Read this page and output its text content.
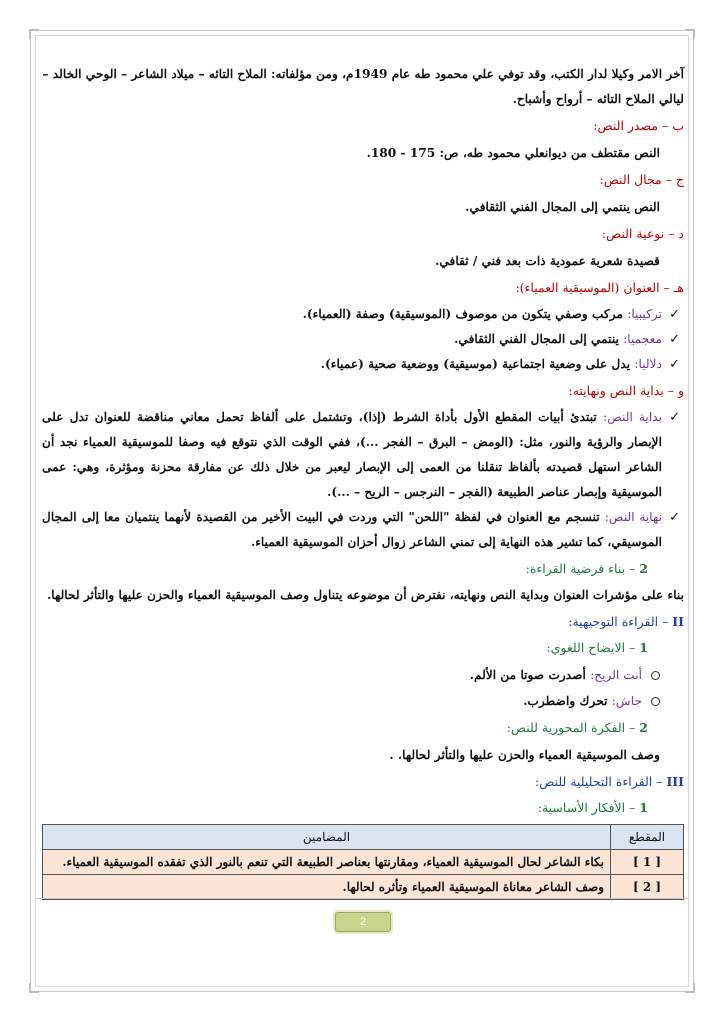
آخر الامر وكيلا لدار الكتب، وقد توفي علي محمود طه عام 1949م، ومن مؤلفاته: الملاح التائه – ميلاد الشاعر – الوحي الخالد –

ليالي الملاح التائه – أرواح وأشباح.

ب – مصدر النص:
النص مقتطف من ديوانعلي محمود طه، ص: 175 - 180.
ج – مجال النص:
النص ينتمي إلى المجال الفني الثقافي.
د – نوعية النص:
قصيدة شعرية عمودية ذات بعد فني / ثقافي.
هـ – العنوان (الموسيقية العمياء):
✓
تركيبيا: مركب وصفي يتكون من موصوف (الموسيقية) وصفة (العمياء).
✓
معجميا: ينتمي إلى المجال الفني الثقافي.
✓
دلاليا: يدل على وضعية اجتماعية (موسيقية) ووضعية صحية (عمياء).
و – بداية النص ونهايته:
✓
بداية النص: تبتدئ أبيات المقطع الأول بأداة الشرط (إذا)، وتشتمل على ألفاظ تحمل معاني مناقضة للعنوان تدل على الإبصار والرؤية والنور، مثل: (الومض – البرق – الفجر ...)، ففي الوقت الذي نتوقع فيه وصفا للموسيقية العمياء نجد أن الشاعر استهل قصيدته بألفاظ تنقلنا من العمى إلى الإبصار ليعبر من خلال ذلك عن مفارقة محزنة ومؤثرة، وهي: عمى الموسيقية وإبصار عناصر الطبيعة (الفجر – النرجس – الريح – ...).
✓
نهاية النص: تنسجم مع العنوان في لفظة "اللحن" التي وردت في البيت الأخير من القصيدة لأنهما ينتميان معا إلى المجال الموسيقي، كما تشير هذه النهاية إلى تمني الشاعر زوال أحزان الموسيقية العمياء.
2 – بناء فرضية القراءة:

بناء على مؤشرات العنوان وبداية النص ونهايته، نفترض أن موضوعه يتناول وصف الموسيقية العمياء والحزن عليها والتأثر لحالها.

II – القراءة التوجيهية:
1 – الايضاح اللغوي:
أنت الريح: أصدرت صوتا من الألم.
جاش: تحرك واضطرب.
2 – الفكرة المحورية للنص:
وصف الموسيقية العمياء والحزن عليها والتأثر لحالها. .
III – القراءة التحليلية للنص:
1 – الأفكار الأساسية:
المقطع	المضامين
[ 1 ]	بكاء الشاعر لحال الموسيقية العمياء، ومقارنتها بعناصر الطبيعة التي تنعم بالنور الذي تفقده الموسيقية العمياء.
[ 2 ]	وصف الشاعر معاناة الموسيقية العمياء وتأثره لحالها.
2
